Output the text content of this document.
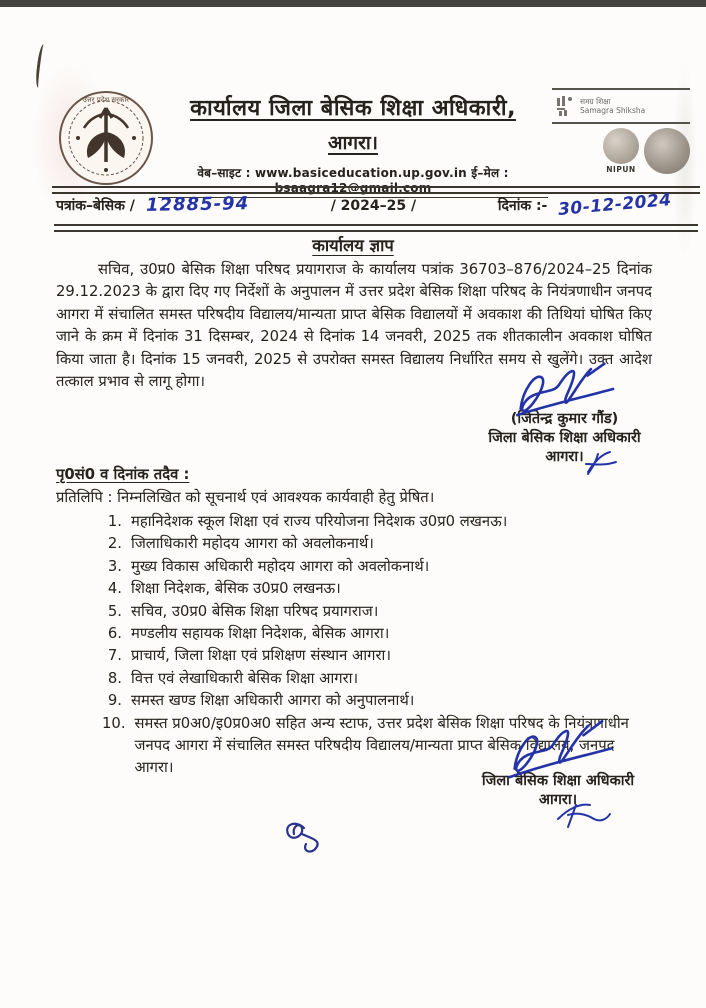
उत्तर प्रदेश सरकार	कार्यालय जिला बेसिक शिक्षा अधिकारी,
आगरा।
वेब–साइट : www.basiceducation.up.gov.in ई–मेल : bsaagra12@gmail.com
समग्र शिक्षा
Samagra Shiksha
NIPUN
पत्रांक–बेसिक / 12885-94	/ 2024–25 /	दिनांक :- 30-12-2024
कार्यालय ज्ञाप
सचिव, उ0प्र0 बेसिक शिक्षा परिषद प्रयागराज के कार्यालय पत्रांक 36703–876/2024–25 दिनांक 29.12.2023 के द्वारा दिए गए निर्देशों के अनुपालन में उत्तर प्रदेश बेसिक शिक्षा परिषद के नियंत्रणाधीन जनपद आगरा में संचालित समस्त परिषदीय विद्यालय/मान्यता प्राप्त बेसिक विद्यालयों में अवकाश की तिथियां घोषित किए जाने के क्रम में दिनांक 31 दिसम्बर, 2024 से दिनांक 14 जनवरी, 2025 तक शीतकालीन अवकाश घोषित किया जाता है। दिनांक 15 जनवरी, 2025 से उपरोक्त समस्त विद्यालय निर्धारित समय से खुलेंगे। उक्त आदेश तत्काल प्रभाव से लागू होगा।
(जितेन्द्र कुमार गौंड)
जिला बेसिक शिक्षा अधिकारी
आगरा।
पृ0सं0 व दिनांक तदैव :
प्रतिलिपि : निम्नलिखित को सूचनार्थ एवं आवश्यक कार्यवाही हेतु प्रेषित।
1. महानिदेशक स्कूल शिक्षा एवं राज्य परियोजना निदेशक उ0प्र0 लखनऊ।
2. जिलाधिकारी महोदय आगरा को अवलोकनार्थ।
3. मुख्य विकास अधिकारी महोदय आगरा को अवलोकनार्थ।
4. शिक्षा निदेशक, बेसिक उ0प्र0 लखनऊ।
5. सचिव, उ0प्र0 बेसिक शिक्षा परिषद प्रयागराज।
6. मण्डलीय सहायक शिक्षा निदेशक, बेसिक आगरा।
7. प्राचार्य, जिला शिक्षा एवं प्रशिक्षण संस्थान आगरा।
8. वित्त एवं लेखाधिकारी बेसिक शिक्षा आगरा।
9. समस्त खण्ड शिक्षा अधिकारी आगरा को अनुपालनार्थ।
10. समस्त प्र0अ0/इ0प्र0अ0 सहित अन्य स्टाफ, उत्तर प्रदेश बेसिक शिक्षा परिषद के नियंत्रणाधीन जनपद आगरा में संचालित समस्त परिषदीय विद्यालय/मान्यता प्राप्त बेसिक विद्यालय, जनपद आगरा।
जिला बेसिक शिक्षा अधिकारी
आगरा।
